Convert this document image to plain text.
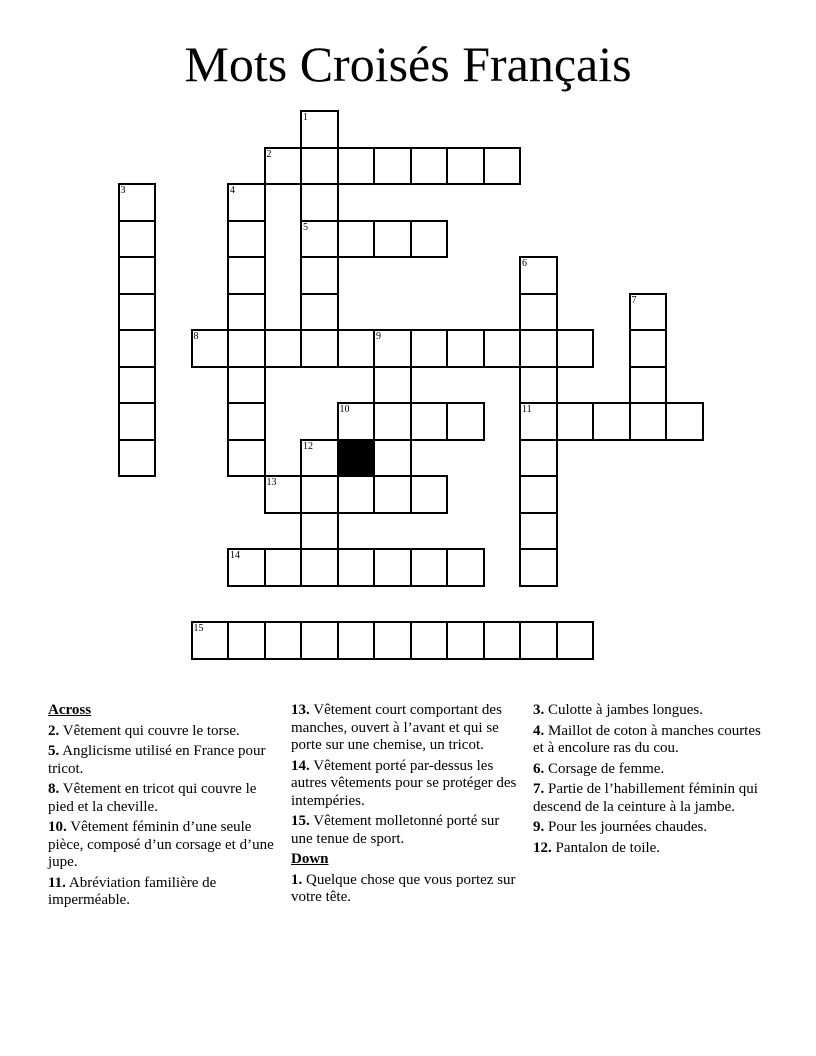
Mots Croisés Français
1
5
2
3	4
6
11
7
8	9
10
12
13
14
15
Across
2. Vêtement qui couvre le torse.
5. Anglicisme utilisé en France pour tricot.
8. Vêtement en tricot qui couvre le pied et la cheville.
10. Vêtement féminin d’une seule pièce, composé d’un corsage et d’une jupe.
11. Abréviation familière de imperméable.
13. Vêtement court comportant des manches, ouvert à l’avant et qui se porte sur une chemise, un tricot.
14. Vêtement porté par-dessus les autres vêtements pour se protéger des intempéries.
15. Vêtement molletonné porté sur une tenue de sport.
Down
1. Quelque chose que vous portez sur votre tête.
3. Culotte à jambes longues.
4. Maillot de coton à manches courtes et à encolure ras du cou.
6. Corsage de femme.
7. Partie de l’habillement féminin qui descend de la ceinture à la jambe.
9. Pour les journées chaudes.
12. Pantalon de toile.
